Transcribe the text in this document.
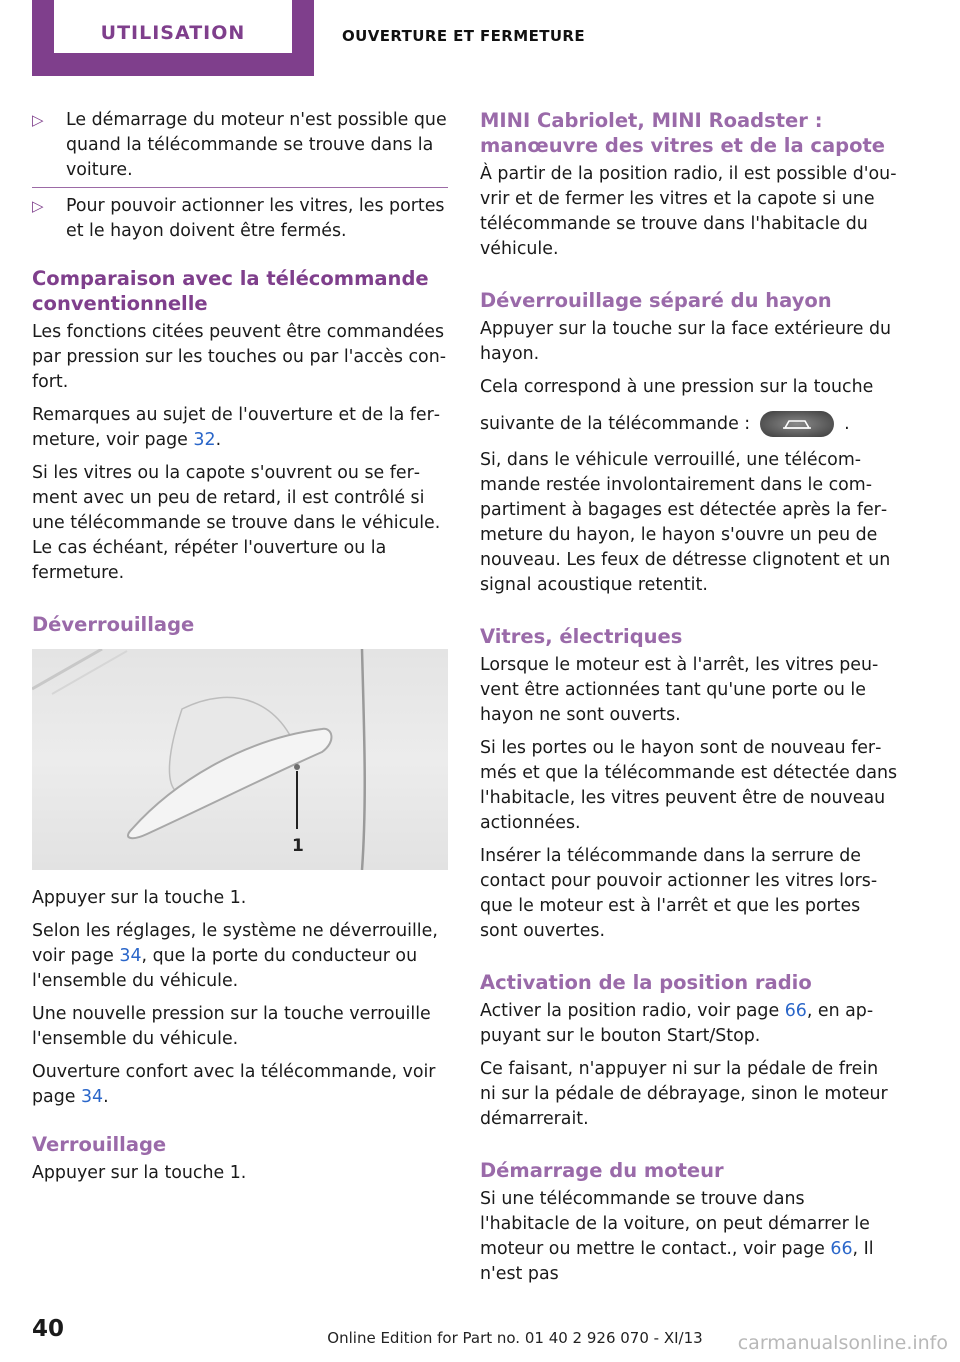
UTILISATION	OUVERTURE ET FERMETURE
▷ Le démarrage du moteur n'est possible que quand la télécommande se trouve dans la voiture.
▷ Pour pouvoir actionner les vitres, les portes et le hayon doivent être fermés.
Comparaison avec la télécommande conventionnelle

Les fonctions citées peuvent être commandées par pression sur les touches ou par l'accès confort.

Remarques au sujet de l'ouverture et de la fermeture, voir page 32.

Si les vitres ou la capote s'ouvrent ou se ferment avec un peu de retard, il est contrôlé si une télécommande se trouve dans le véhicule. Le cas échéant, répéter l'ouverture ou la fermeture.

Déverrouillage
1

Appuyer sur la touche 1.

Selon les réglages, le système ne déverrouille, voir page 34, que la porte du conducteur ou l'ensemble du véhicule.

Une nouvelle pression sur la touche verrouille l'ensemble du véhicule.

Ouverture confort avec la télécommande, voir page 34.

Verrouillage

Appuyer sur la touche 1.

MINI Cabriolet, MINI Roadster : manœuvre des vitres et de la capote

À partir de la position radio, il est possible d'ouvrir et de fermer les vitres et la capote si une télécommande se trouve dans l'habitacle du véhicule.

Déverrouillage séparé du hayon

Appuyer sur la touche sur la face extérieure du hayon.

Cela correspond à une pression sur la touche

suivante de la télécommande :	.

Si, dans le véhicule verrouillé, une télécommande restée involontairement dans le compartiment à bagages est détectée après la fermeture du hayon, le hayon s'ouvre un peu de nouveau. Les feux de détresse clignotent et un signal acoustique retentit.

Vitres, électriques

Lorsque le moteur est à l'arrêt, les vitres peuvent être actionnées tant qu'une porte ou le hayon ne sont ouverts.

Si les portes ou le hayon sont de nouveau fermés et que la télécommande est détectée dans l'habitacle, les vitres peuvent être de nouveau actionnées.

Insérer la télécommande dans la serrure de contact pour pouvoir actionner les vitres lorsque le moteur est à l'arrêt et que les portes sont ouvertes.

Activation de la position radio

Activer la position radio, voir page 66, en appuyant sur le bouton Start/Stop.

Ce faisant, n'appuyer ni sur la pédale de frein ni sur la pédale de débrayage, sinon le moteur démarrerait.

Démarrage du moteur

Si une télécommande se trouve dans l'habitacle de la voiture, on peut démarrer le moteur ou mettre le contact., voir page 66, Il n'est pas

40	Online Edition for Part no. 01 40 2 926 070 - XI/13	carmanualsonline.info
